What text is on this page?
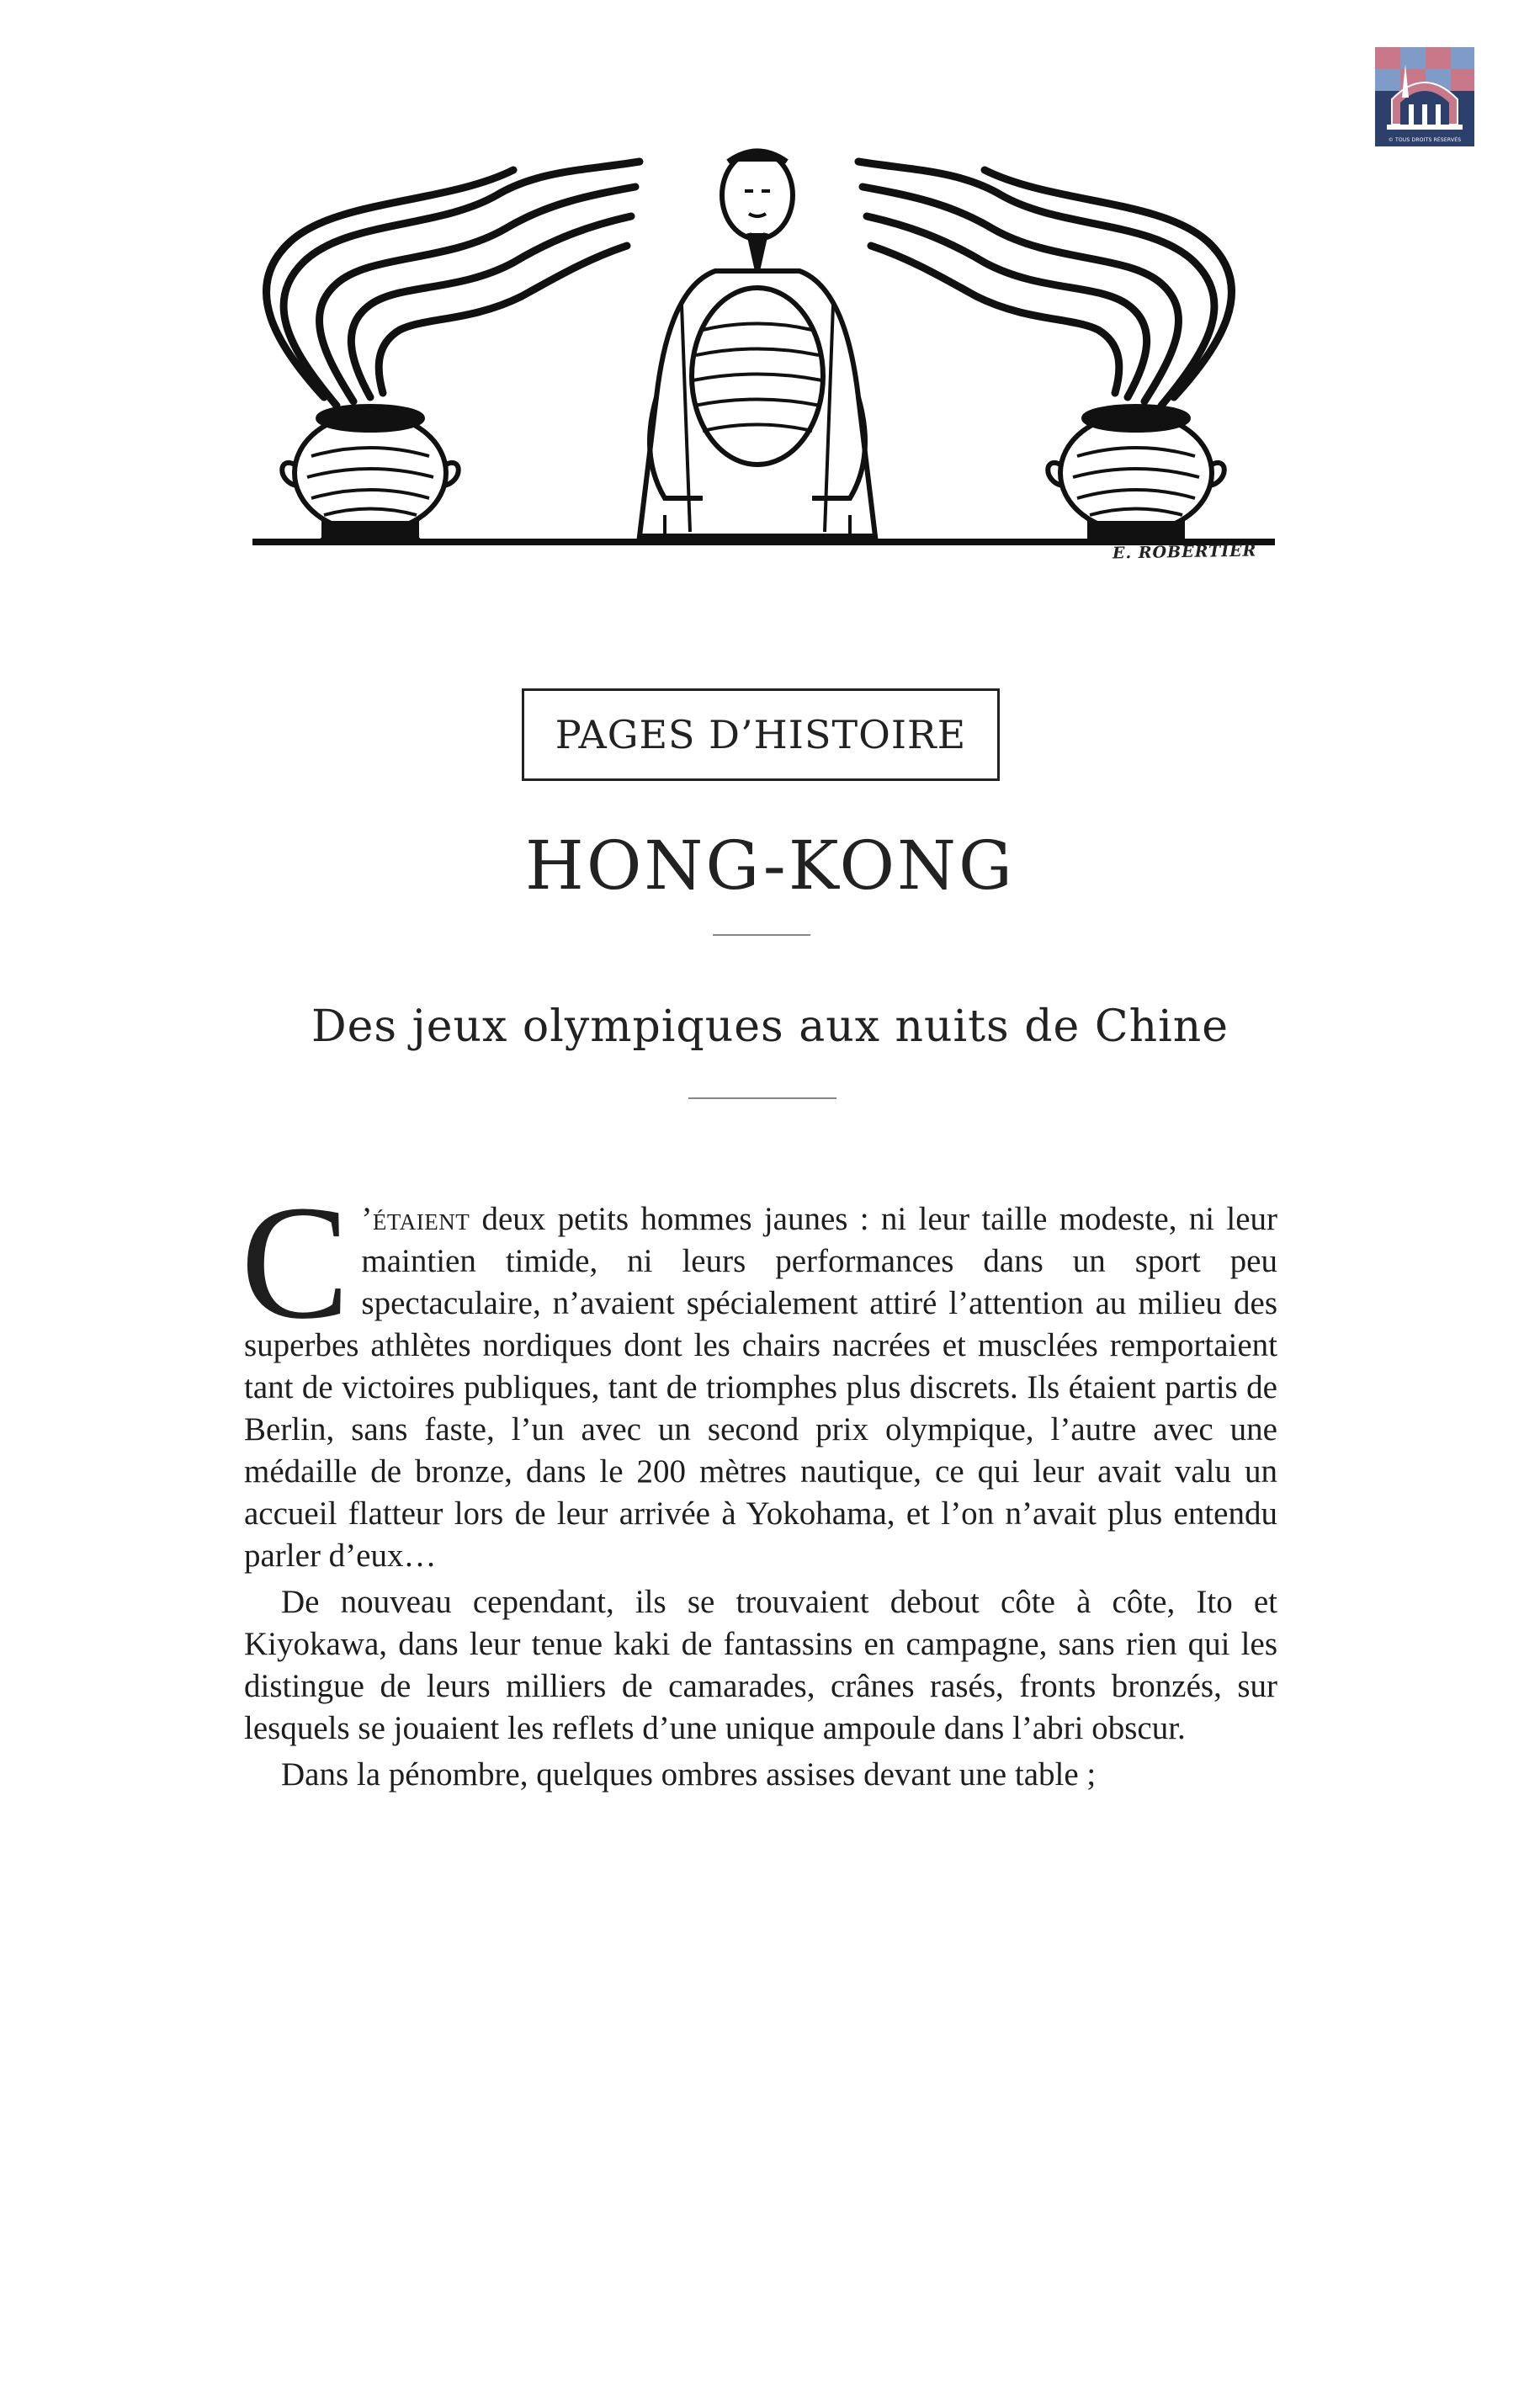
© TOUS DROITS RÉSERVÉS
E. ROBERTIER
PAGES D’HISTOIRE
HONG-KONG
Des jeux olympiques aux nuits de Chine

C ’étaient deux petits hommes jaunes : ni leur taille modeste, ni leur maintien timide, ni leurs performances dans un sport peu spectaculaire, n’avaient spécialement attiré l’attention au milieu des superbes athlètes nordiques dont les chairs nacrées et musclées remportaient tant de victoires publiques, tant de triomphes plus discrets. Ils étaient partis de Berlin, sans faste, l’un avec un second prix olympique, l’autre avec une médaille de bronze, dans le 200 mètres nautique, ce qui leur avait valu un accueil flatteur lors de leur arrivée à Yokohama, et l’on n’avait plus entendu parler d’eux…

De nouveau cependant, ils se trouvaient debout côte à côte, Ito et Kiyokawa, dans leur tenue kaki de fantassins en campagne, sans rien qui les distingue de leurs milliers de camarades, crânes rasés, fronts bronzés, sur lesquels se jouaient les reflets d’une unique ampoule dans l’abri obscur.

Dans la pénombre, quelques ombres assises devant une table ;
